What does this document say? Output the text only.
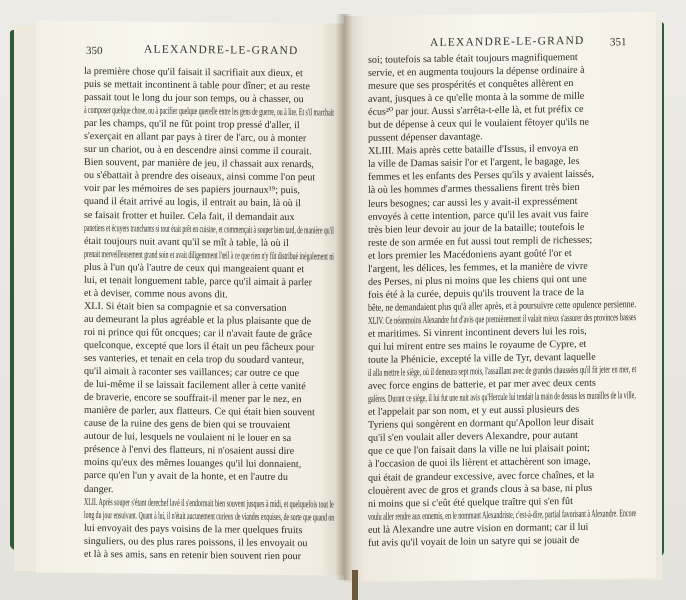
350	ALEXANDRE-LE-GRAND
la première chose qu'il faisait il sacrifiait aux dieux, et
puis se mettait incontinent à table pour dîner; et au reste
passait tout le long du jour son temps, ou à chasser, ou
à composer quelque chose, ou à pacifier quelque querelle entre les gens de guerre, ou à lire. Et s'il marchait
par les champs, qu'il ne fût point trop pressé d'aller, il
s'exerçait en allant par pays à tirer de l'arc, ou à monter
sur un chariot, ou à en descendre ainsi comme il courait.
Bien souvent, par manière de jeu, il chassait aux renards,
ou s'ébattait à prendre des oiseaux, ainsi comme l'on peut
voir par les mémoires de ses papiers journaux¹⁹; puis,
quand il était arrivé au logis, il entrait au bain, là où il
se faisait frotter et huiler. Cela fait, il demandait aux
panetiers et écuyers tranchants si tout était prêt en cuisine, et commençait à souper bien tard, de manière qu'il
était toujours nuit avant qu'il se mît à table, là où il
prenait merveilleusement grand soin et avait diligemment l'œil à ce que rien n'y fût distribué inégalement ni
plus à l'un qu'à l'autre de ceux qui mangeaient quant et
lui, et tenait longuement table, parce qu'il aimait à parler
et à deviser, comme nous avons dit.
XLI. Si était bien sa compagnie et sa conversation
au demeurant la plus agréable et la plus plaisante que de
roi ni prince qui fût oncques; car il n'avait faute de grâce
quelconque, excepté que lors il était un peu fâcheux pour
ses vanteries, et tenait en cela trop du soudard vanteur,
qu'il aimait à raconter ses vaillances; car outre ce que
de lui-même il se laissait facilement aller à cette vanité
de braverie, encore se souffrait-il mener par le nez, en
manière de parler, aux flatteurs. Ce qui était bien souvent
cause de la ruine des gens de bien qui se trouvaient
autour de lui, lesquels ne voulaient ni le louer en sa
présence à l'envi des flatteurs, ni n'osaient aussi dire
moins qu'eux des mêmes louanges qu'il lui donnaient,
parce qu'en l'un y avait de la honte, et en l'autre du
danger.
XLII. Après souper s'étant derechef lavé il s'endormait bien souvent jusques à midi, et quelquefois tout le
long du jour ensuivant. Quant à lui, il n'était aucunement curieux de viandes exquises, de sorte que quand on
lui envoyait des pays voisins de la mer quelques fruits
singuliers, ou des plus rares poissons, il les envoyait ou
et là à ses amis, sans en retenir bien souvent rien pour
ALEXANDRE-LE-GRAND 351
soi; toutefois sa table était toujours magnifiquement
servie, et en augmenta toujours la dépense ordinaire à
mesure que ses prospérités et conquêtes allèrent en
avant, jusques à ce qu'elle monta à la somme de mille
écus²⁰ par jour. Aussi s'arrêta-t-elle là, et fut préfix ce
but de dépense à ceux qui le voulaient fêtoyer qu'ils ne
pussent dépenser davantage.
XLIII. Mais après cette bataille d'Issus, il envoya en
la ville de Damas saisir l'or et l'argent, le bagage, les
femmes et les enfants des Perses qu'ils y avaient laissés,
là où les hommes d'armes thessaliens firent très bien
leurs besognes; car aussi les y avait-il expressément
envoyés à cette intention, parce qu'il les avait vus faire
très bien leur devoir au jour de la bataille; toutefois le
reste de son armée en fut aussi tout rempli de richesses;
et lors premier les Macédoniens ayant goûté l'or et
l'argent, les délices, les femmes, et la manière de vivre
des Perses, ni plus ni moins que les chiens qui ont une
fois été à la curée, depuis qu'ils trouvent la trace de la
bête, ne demandaient plus qu'à aller après, et à poursuivre cette opulence persienne.
XLIV. Ce néanmoins Alexandre fut d'avis que premièrement il valait mieux s'assurer des provinces basses
et maritimes. Si vinrent incontinent devers lui les rois,
qui lui mirent entre ses mains le royaume de Cypre, et
toute la Phénicie, excepté la ville de Tyr, devant laquelle
il alla mettre le siège, où il demeura sept mois, l'assaillant avec de grandes chaussées qu'il fit jeter en mer, et
avec force engins de batterie, et par mer avec deux cents
galères. Durant ce siège, il lui fut une nuit avis qu'Hercule lui tendait la main de dessus les murailles de la ville,
et l'appelait par son nom, et y eut aussi plusieurs des
Tyriens qui songèrent en dormant qu'Apollon leur disait
qu'il s'en voulait aller devers Alexandre, pour autant
que ce que l'on faisait dans la ville ne lui plaisait point;
à l'occasion de quoi ils lièrent et attachèrent son image,
qui était de grandeur excessive, avec force chaînes, et la
clouèrent avec de gros et grands clous à sa base, ni plus
ni moins que si c'eût été quelque traître qui s'en fût
voulu aller rendre aux ennemis, en le nommant Alexandriste, c'est-à-dire, partial favorisant à Alexandre. Encore
eut là Alexandre une autre vision en dormant; car il lui
fut avis qu'il voyait de loin un satyre qui se jouait de
